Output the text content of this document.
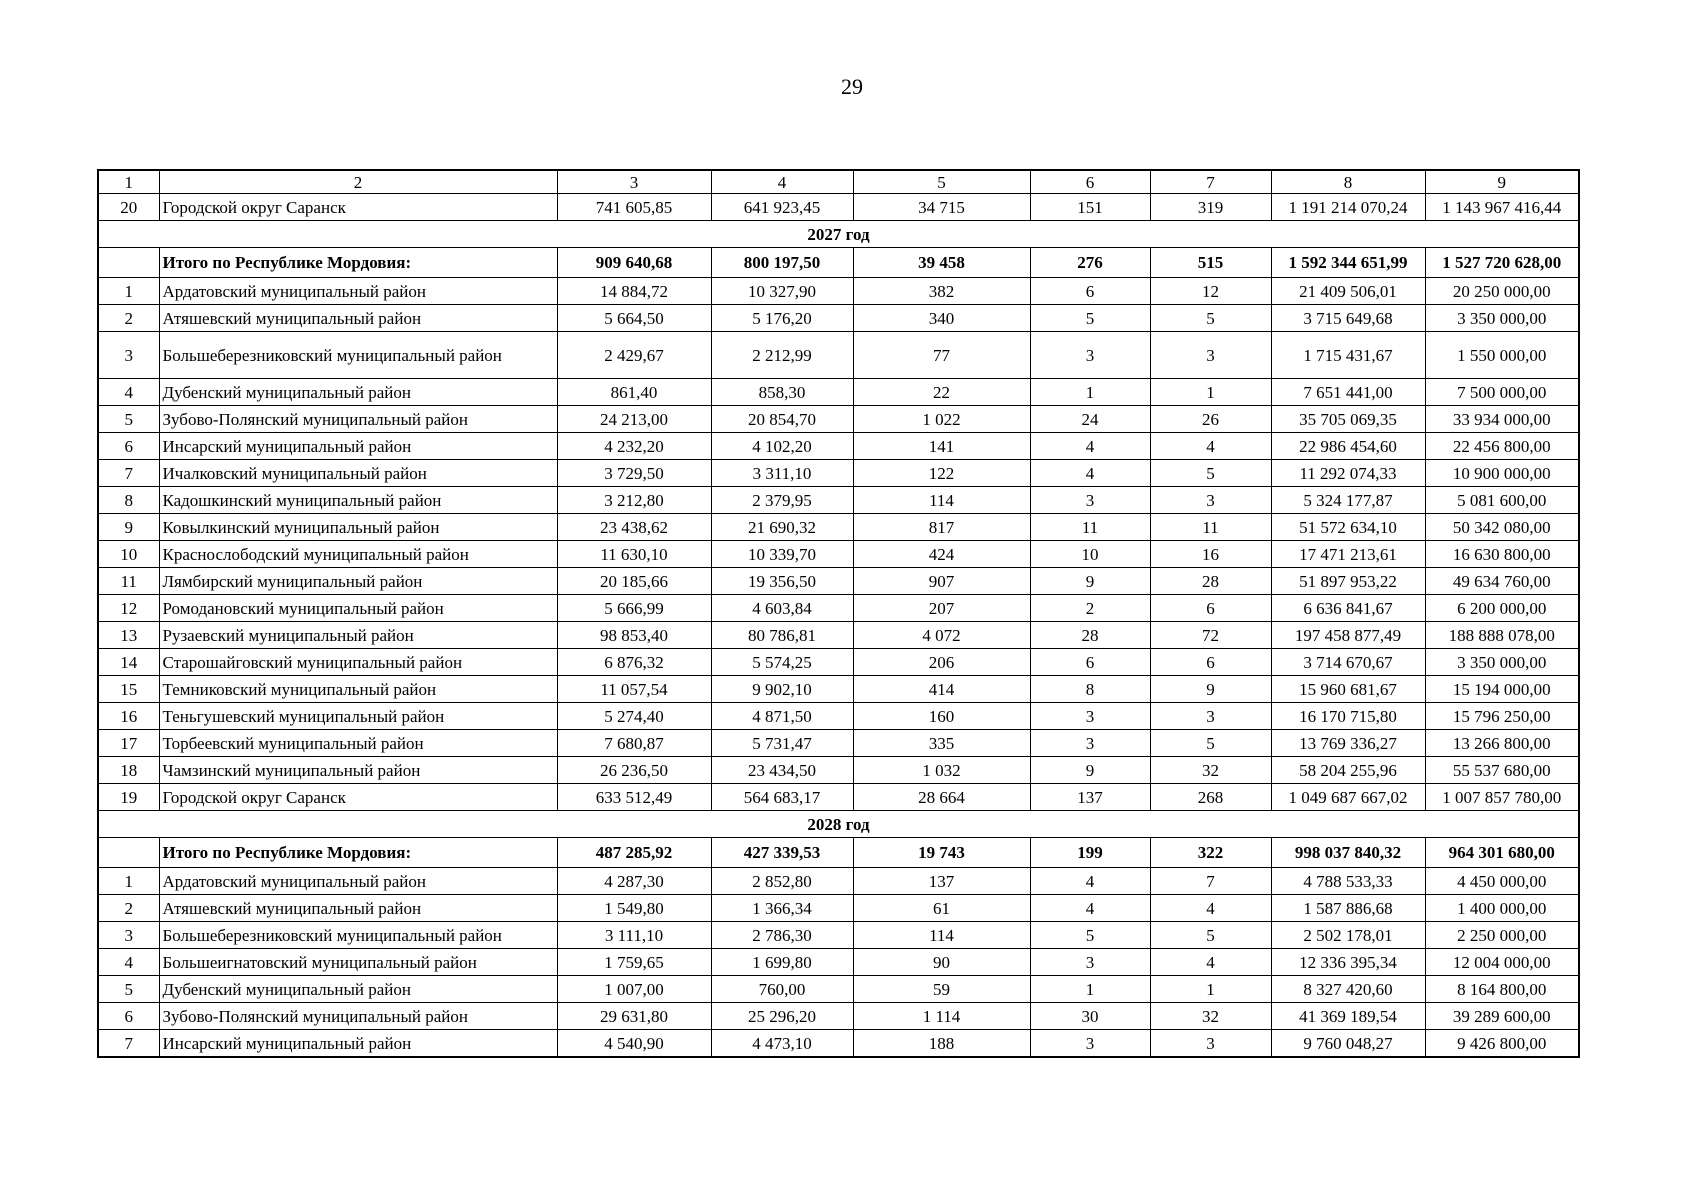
29
1	2	3	4	5	6	7	8	9
20	Городской округ Саранск	741 605,85	641 923,45	34 715	151	319	1 191 214 070,24	1 143 967 416,44
2027 год								
	Итого по Республике Мордовия:	909 640,68	800 197,50	39 458	276	515	1 592 344 651,99	1 527 720 628,00
1	Ардатовский муниципальный район	14 884,72	10 327,90	382	6	12	21 409 506,01	20 250 000,00
2	Атяшевский муниципальный район	5 664,50	5 176,20	340	5	5	3 715 649,68	3 350 000,00
3	Большеберезниковский муниципальный район	2 429,67	2 212,99	77	3	3	1 715 431,67	1 550 000,00
4	Дубенский муниципальный район	861,40	858,30	22	1	1	7 651 441,00	7 500 000,00
5	Зубово-Полянский муниципальный район	24 213,00	20 854,70	1 022	24	26	35 705 069,35	33 934 000,00
6	Инсарский муниципальный район	4 232,20	4 102,20	141	4	4	22 986 454,60	22 456 800,00
7	Ичалковский муниципальный район	3 729,50	3 311,10	122	4	5	11 292 074,33	10 900 000,00
8	Кадошкинский муниципальный район	3 212,80	2 379,95	114	3	3	5 324 177,87	5 081 600,00
9	Ковылкинский муниципальный район	23 438,62	21 690,32	817	11	11	51 572 634,10	50 342 080,00
10	Краснослободский муниципальный район	11 630,10	10 339,70	424	10	16	17 471 213,61	16 630 800,00
11	Лямбирский муниципальный район	20 185,66	19 356,50	907	9	28	51 897 953,22	49 634 760,00
12	Ромодановский муниципальный район	5 666,99	4 603,84	207	2	6	6 636 841,67	6 200 000,00
13	Рузаевский муниципальный район	98 853,40	80 786,81	4 072	28	72	197 458 877,49	188 888 078,00
14	Старошайговский муниципальный район	6 876,32	5 574,25	206	6	6	3 714 670,67	3 350 000,00
15	Темниковский муниципальный район	11 057,54	9 902,10	414	8	9	15 960 681,67	15 194 000,00
16	Теньгушевский муниципальный район	5 274,40	4 871,50	160	3	3	16 170 715,80	15 796 250,00
17	Торбеевский муниципальный район	7 680,87	5 731,47	335	3	5	13 769 336,27	13 266 800,00
18	Чамзинский муниципальный район	26 236,50	23 434,50	1 032	9	32	58 204 255,96	55 537 680,00
19	Городской округ Саранск	633 512,49	564 683,17	28 664	137	268	1 049 687 667,02	1 007 857 780,00
2028 год								
	Итого по Республике Мордовия:	487 285,92	427 339,53	19 743	199	322	998 037 840,32	964 301 680,00
1	Ардатовский муниципальный район	4 287,30	2 852,80	137	4	7	4 788 533,33	4 450 000,00
2	Атяшевский муниципальный район	1 549,80	1 366,34	61	4	4	1 587 886,68	1 400 000,00
3	Большеберезниковский муниципальный район	3 111,10	2 786,30	114	5	5	2 502 178,01	2 250 000,00
4	Большеигнатовский муниципальный район	1 759,65	1 699,80	90	3	4	12 336 395,34	12 004 000,00
5	Дубенский муниципальный район	1 007,00	760,00	59	1	1	8 327 420,60	8 164 800,00
6	Зубово-Полянский муниципальный район	29 631,80	25 296,20	1 114	30	32	41 369 189,54	39 289 600,00
7	Инсарский муниципальный район	4 540,90	4 473,10	188	3	3	9 760 048,27	9 426 800,00
